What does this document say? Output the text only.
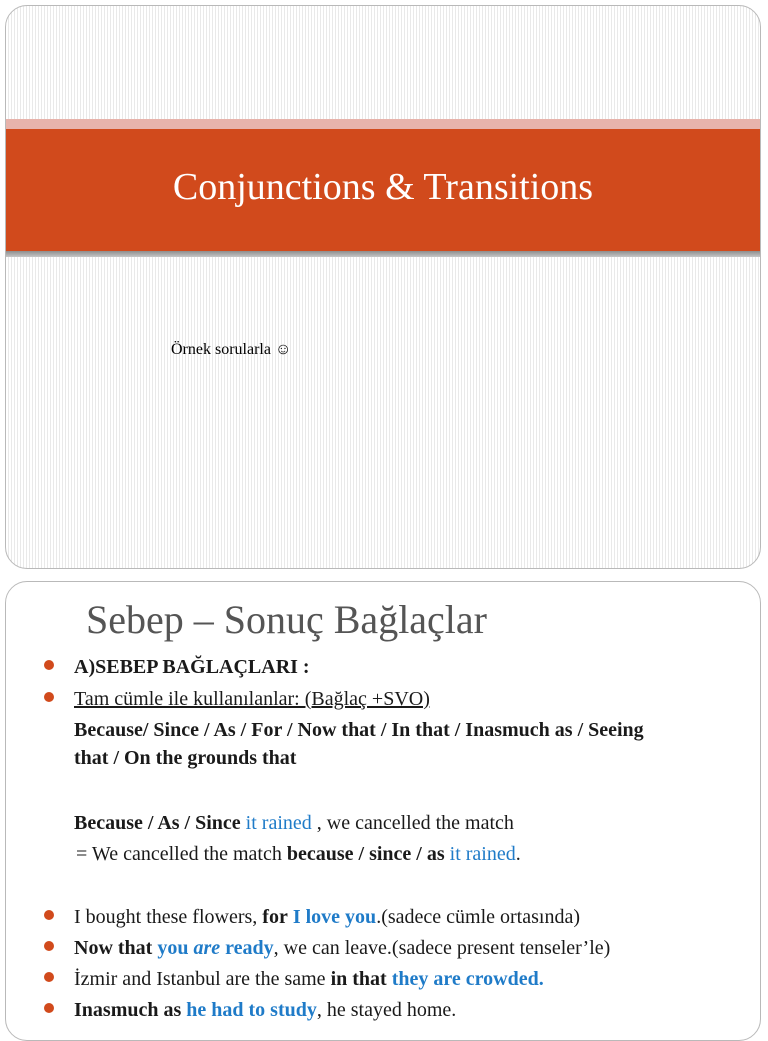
Conjunctions & Transitions
Örnek sorularla ☺
Sebep – Sonuç Bağlaçlar
A)SEBEP BAĞLAÇLARI :
Tam cümle ile kullanılanlar: (Bağlaç +SVO)
Because/ Since / As / For / Now that / In that / Inasmuch as / Seeing
that / On the grounds that
Because / As / Since it rained , we cancelled the match
= We cancelled the match because / since / as it rained.
I bought these flowers, for I love you.(sadece cümle ortasında)
Now that you are ready, we can leave.(sadece present tenseler’le)
İzmir and Istanbul are the same in that they are crowded.
Inasmuch as he had to study, he stayed home.
